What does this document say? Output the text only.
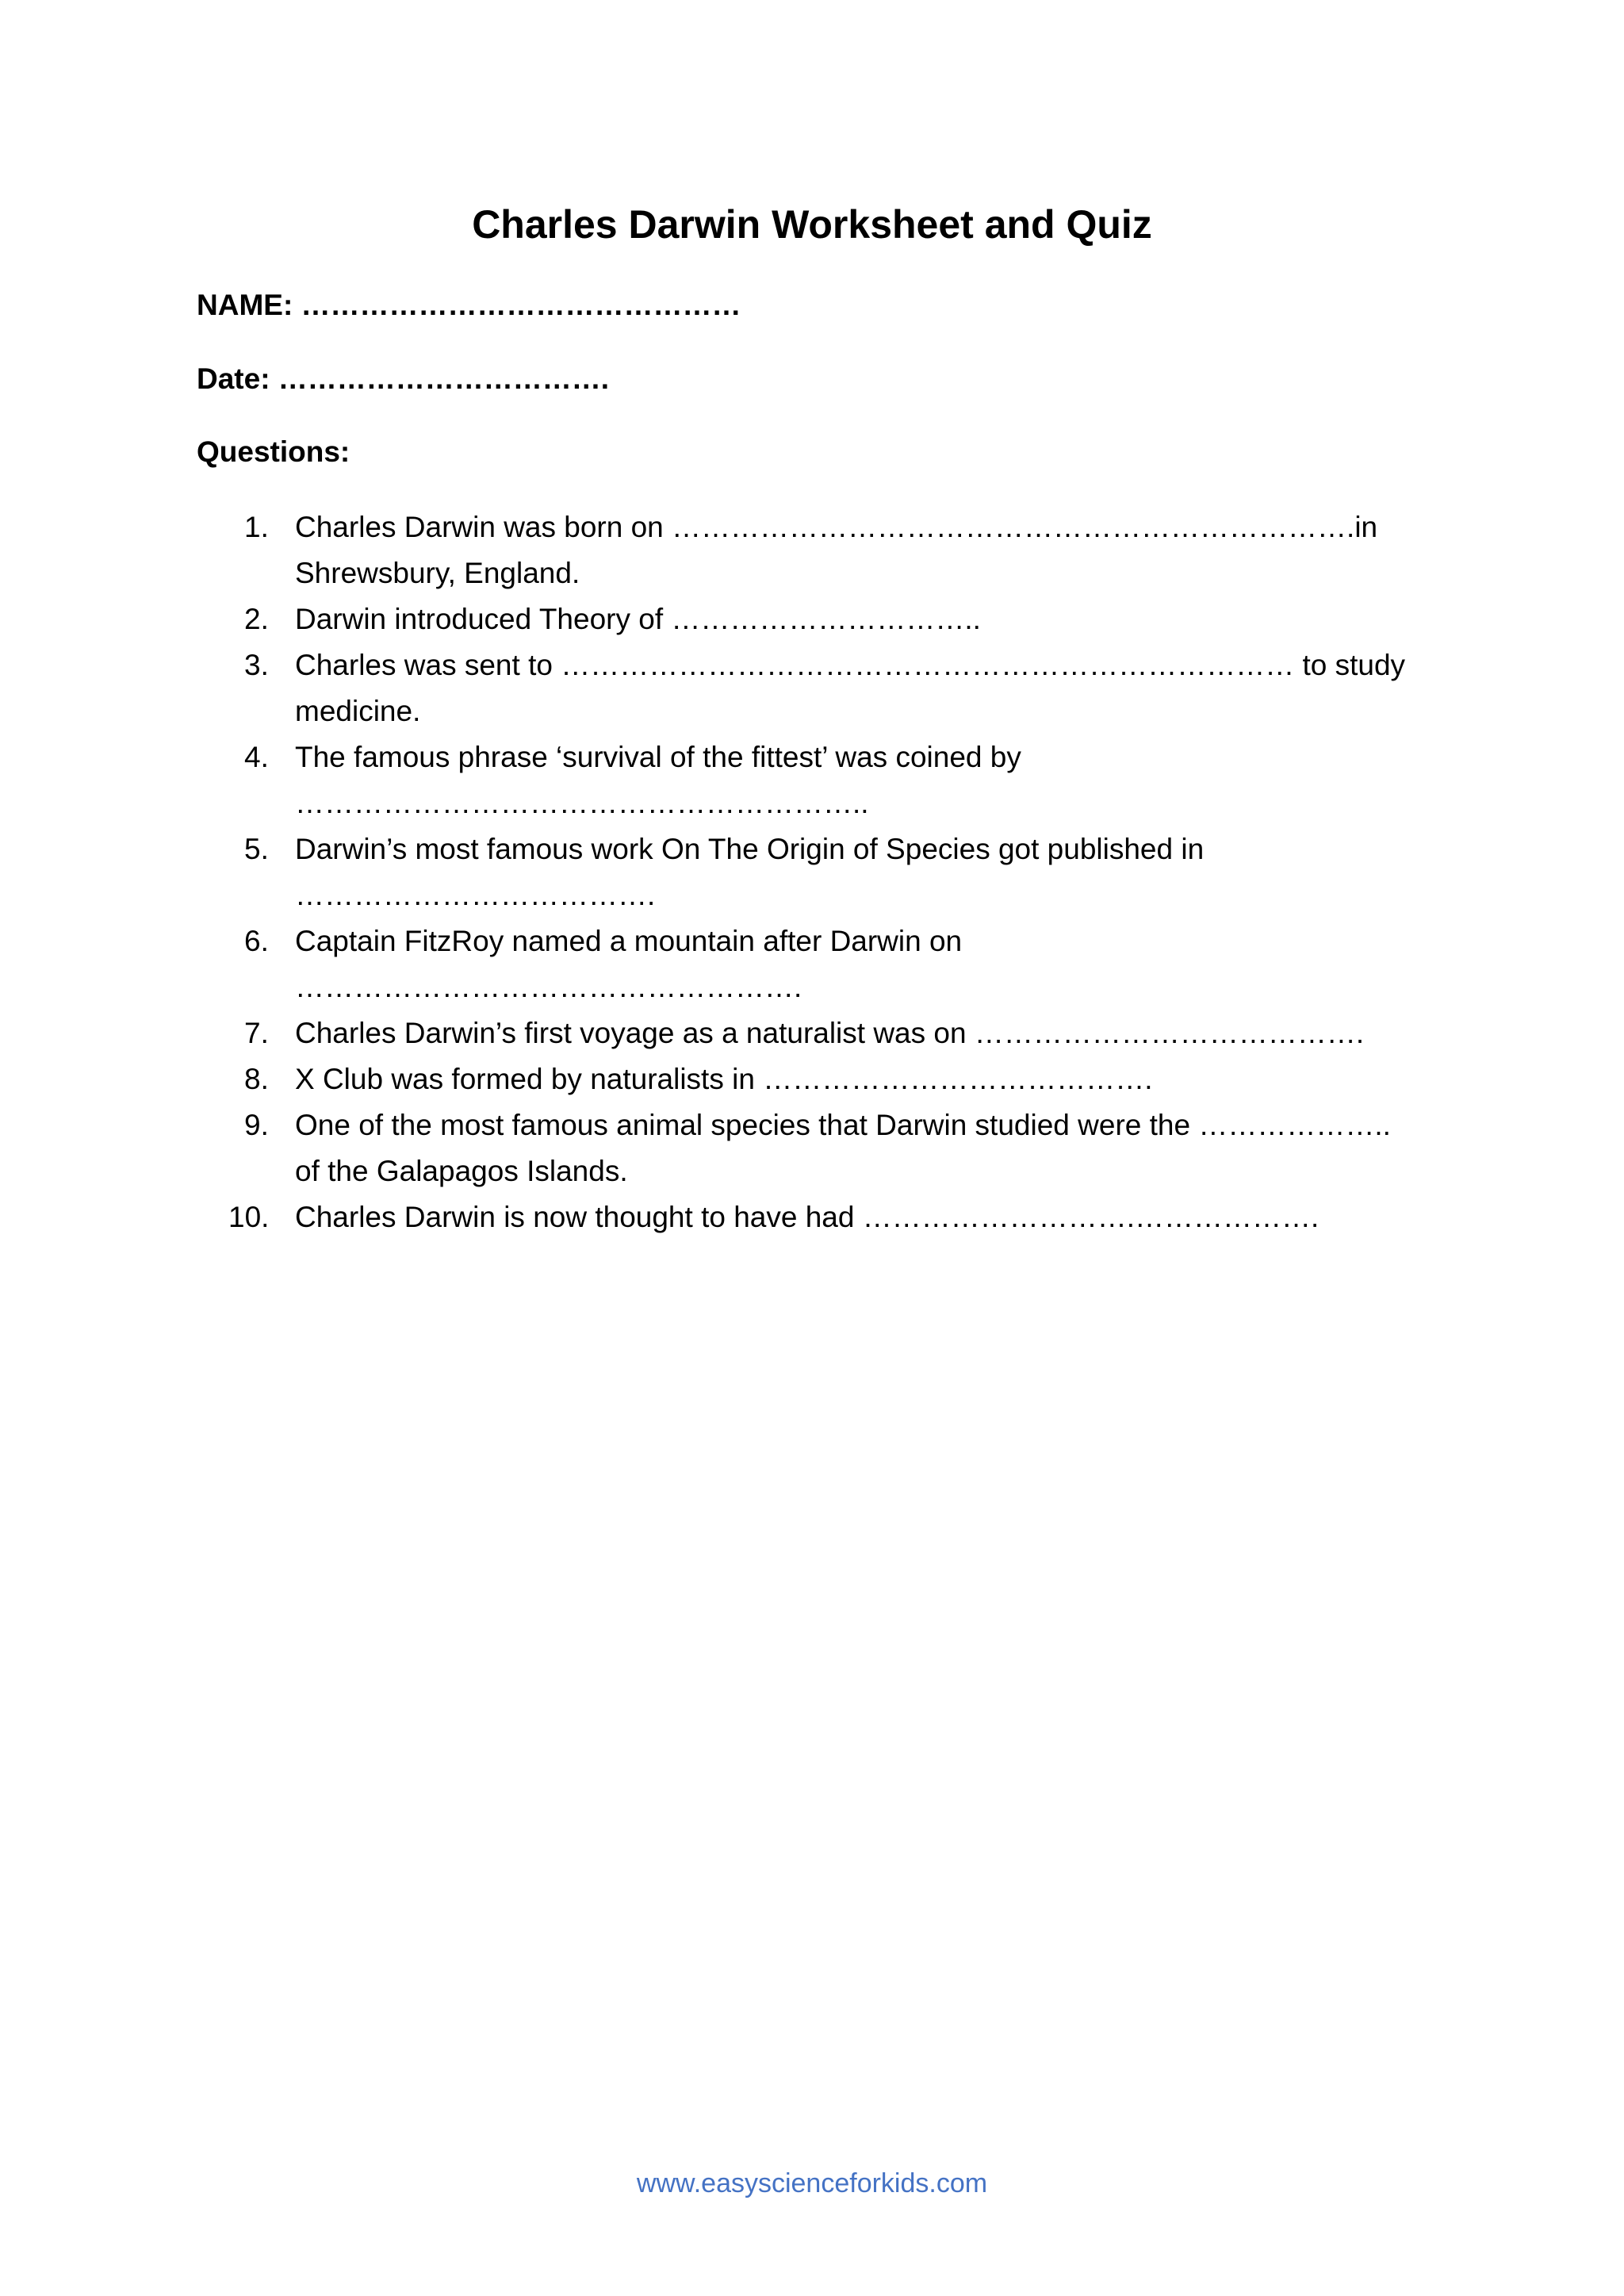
Charles Darwin Worksheet and Quiz

NAME: ………………………………………

Date: …………………………….

Questions:

1. Charles Darwin was born on …………………………………………………………….in Shrewsbury, England.
2. Darwin introduced Theory of …………………………..
3. Charles was sent to ………………………………………………………………… to study medicine.
4. The famous phrase ‘survival of the fittest’ was coined by …………………………………………………..
5. Darwin’s most famous work On The Origin of Species got published in ……………………………….
6. Captain FitzRoy named a mountain after Darwin on …………………………………………….
7. Charles Darwin’s first voyage as a naturalist was on ………………………………….
8. X Club was formed by naturalists in ………………………………….
9. One of the most famous animal species that Darwin studied were the ……………….. of the Galapagos Islands.
10. Charles Darwin is now thought to have had ……………………….……………….

www.easyscienceforkids.com
